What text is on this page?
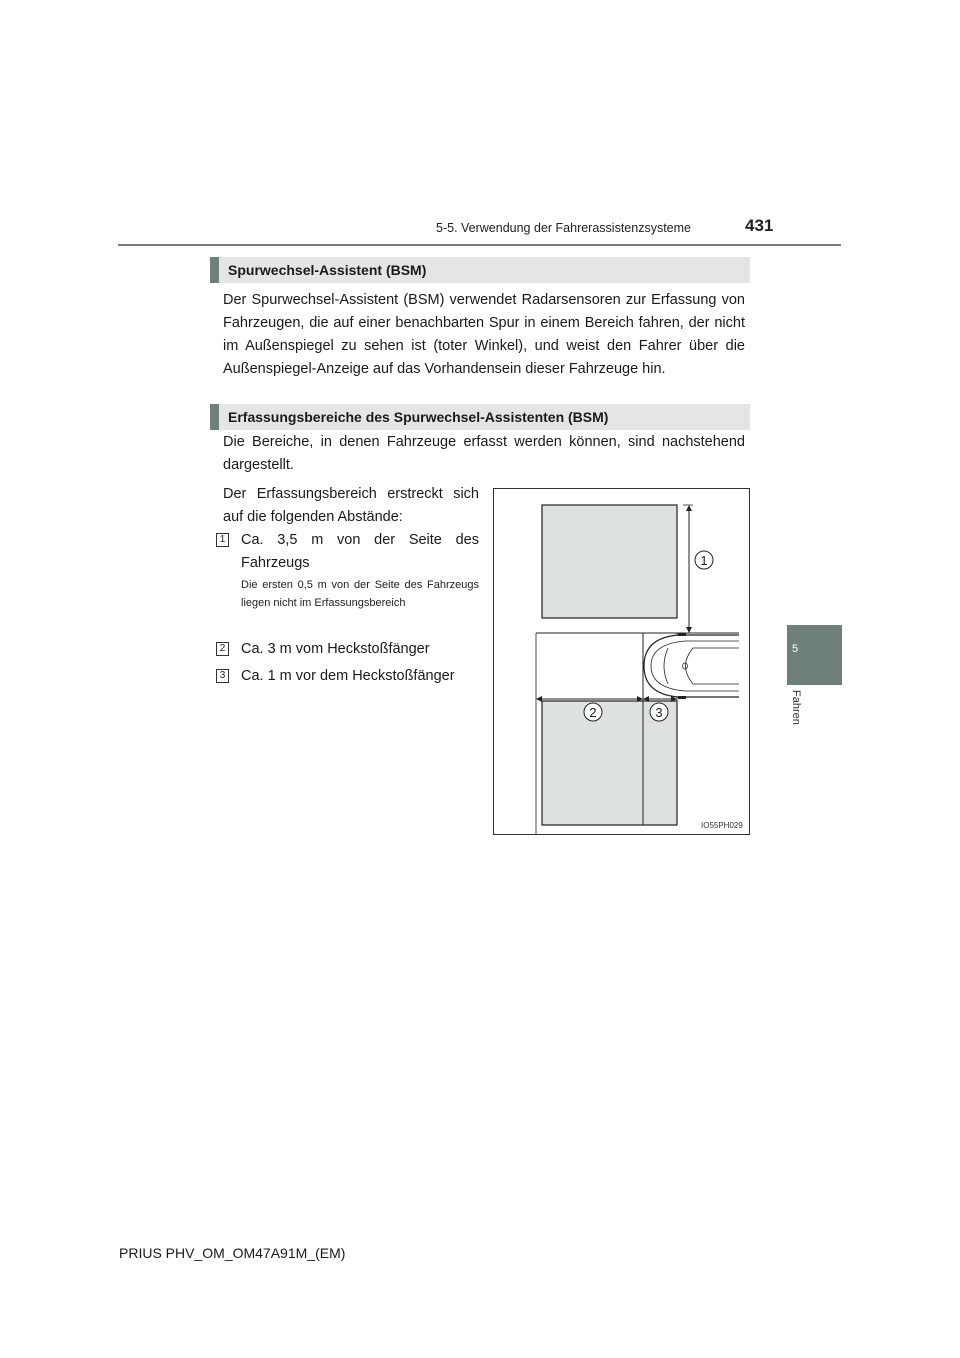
5-5. Verwendung der Fahrerassistenzsysteme	431
5
Fahren
Spurwechsel-Assistent (BSM)
Der Spurwechsel-Assistent (BSM) verwendet Radarsensoren zur Erfassung von Fahrzeugen, die auf einer benachbarten Spur in einem Bereich fahren, der nicht im Außenspiegel zu sehen ist (toter Winkel), und weist den Fahrer über die Außenspiegel-Anzeige auf das Vorhandensein dieser Fahrzeuge hin.
Erfassungsbereiche des Spurwechsel-Assistenten (BSM)
Die Bereiche, in denen Fahrzeuge erfasst werden können, sind nachstehend dargestellt.
Der Erfassungsbereich erstreckt sich auf die folgenden Abstände:
1 Ca. 3,5 m von der Seite des Fahrzeugs
Die ersten 0,5 m von der Seite des Fahrzeugs liegen nicht im Erfassungsbereich
2 Ca. 3 m vom Heckstoßfänger
3 Ca. 1 m vor dem Heckstoßfänger
1
2	3
IO55PH029
PRIUS PHV_OM_OM47A91M_(EM)
